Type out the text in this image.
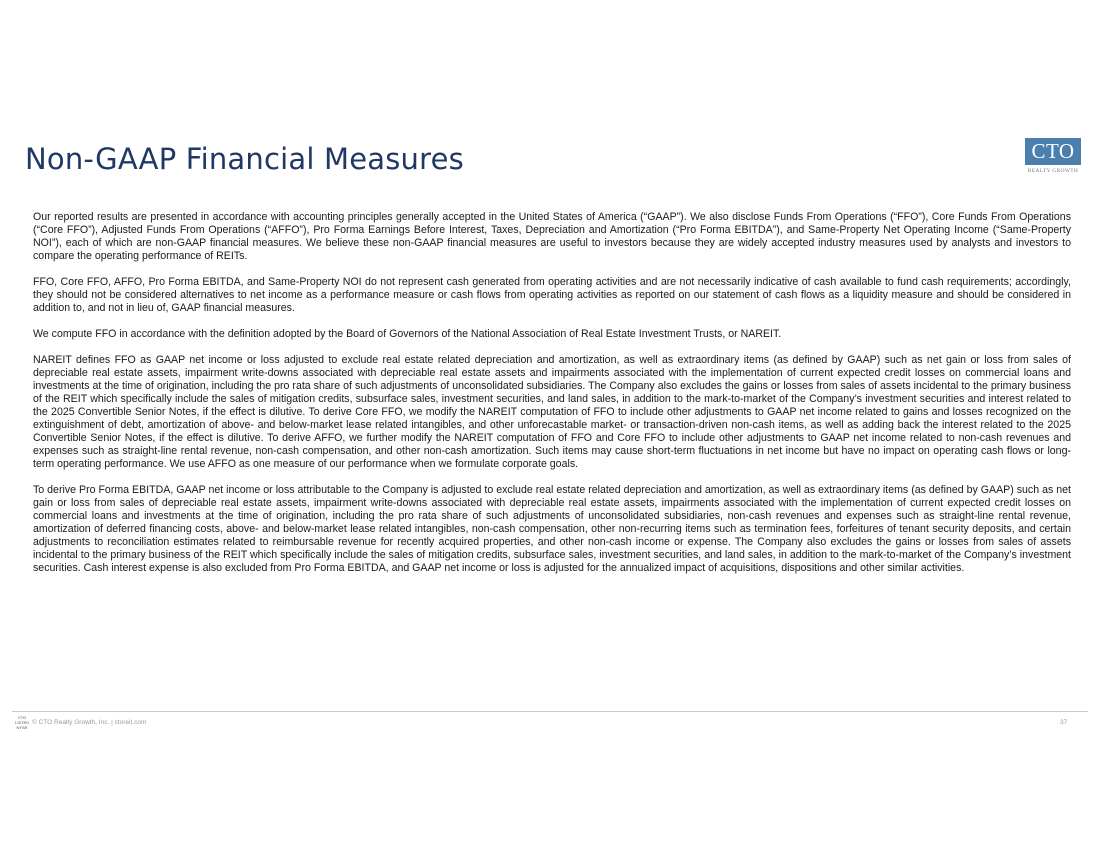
Non-GAAP Financial Measures	CTO
REALTY GROWTH

Our reported results are presented in accordance with accounting principles generally accepted in the United States of America (“GAAP”). We also disclose Funds From Operations (“FFO”), Core Funds From Operations (“Core FFO”), Adjusted Funds From Operations (“AFFO”), Pro Forma Earnings Before Interest, Taxes, Depreciation and Amortization (“Pro Forma EBITDA”), and Same-Property Net Operating Income (“Same-Property NOI”), each of which are non-GAAP financial measures. We believe these non-GAAP financial measures are useful to investors because they are widely accepted industry measures used by analysts and investors to compare the operating performance of REITs.

FFO, Core FFO, AFFO, Pro Forma EBITDA, and Same-Property NOI do not represent cash generated from operating activities and are not necessarily indicative of cash available to fund cash requirements; accordingly, they should not be considered alternatives to net income as a performance measure or cash flows from operating activities as reported on our statement of cash flows as a liquidity measure and should be considered in addition to, and not in lieu of, GAAP financial measures.

We compute FFO in accordance with the definition adopted by the Board of Governors of the National Association of Real Estate Investment Trusts, or NAREIT.

NAREIT defines FFO as GAAP net income or loss adjusted to exclude real estate related depreciation and amortization, as well as extraordinary items (as defined by GAAP) such as net gain or loss from sales of depreciable real estate assets, impairment write-downs associated with depreciable real estate assets and impairments associated with the implementation of current expected credit losses on commercial loans and investments at the time of origination, including the pro rata share of such adjustments of unconsolidated subsidiaries. The Company also excludes the gains or losses from sales of assets incidental to the primary business of the REIT which specifically include the sales of mitigation credits, subsurface sales, investment securities, and land sales, in addition to the mark-to-market of the Company’s investment securities and interest related to the 2025 Convertible Senior Notes, if the effect is dilutive. To derive Core FFO, we modify the NAREIT computation of FFO to include other adjustments to GAAP net income related to gains and losses recognized on the extinguishment of debt, amortization of above- and below-market lease related intangibles, and other unforecastable market- or transaction-driven non-cash items, as well as adding back the interest related to the 2025 Convertible Senior Notes, if the effect is dilutive. To derive AFFO, we further modify the NAREIT computation of FFO and Core FFO to include other adjustments to GAAP net income related to non-cash revenues and expenses such as straight-line rental revenue, non-cash compensation, and other non-cash amortization. Such items may cause short-term fluctuations in net income but have no impact on operating cash flows or long-term operating performance. We use AFFO as one measure of our performance when we formulate corporate goals.

To derive Pro Forma EBITDA, GAAP net income or loss attributable to the Company is adjusted to exclude real estate related depreciation and amortization, as well as extraordinary items (as defined by GAAP) such as net gain or loss from sales of depreciable real estate assets, impairment write-downs associated with depreciable real estate assets, impairments associated with the implementation of current expected credit losses on commercial loans and investments at the time of origination, including the pro rata share of such adjustments of unconsolidated subsidiaries, non-cash revenues and expenses such as straight-line rental revenue, amortization of deferred financing costs, above- and below-market lease related intangibles, non-cash compensation, other non-recurring items such as termination fees, forfeitures of tenant security deposits, and certain adjustments to reconciliation estimates related to reimbursable revenue for recently acquired properties, and other non-cash income or expense. The Company also excludes the gains or losses from sales of assets incidental to the primary business of the REIT which specifically include the sales of mitigation credits, subsurface sales, investment securities, and land sales, in addition to the mark-to-market of the Company’s investment securities. Cash interest expense is also excluded from Pro Forma EBITDA, and GAAP net income or loss is adjusted for the annualized impact of acquisitions, dispositions and other similar activities.

CTO
LISTED
NYSE
© CTO Realty Growth, Inc. | ctoreit.com	37
